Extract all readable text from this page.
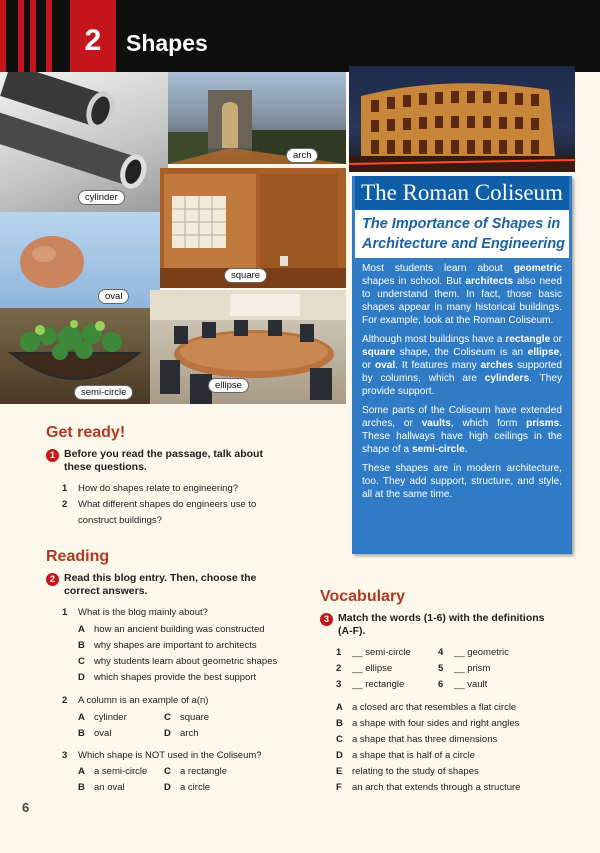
2	Shapes
cylinder
arch
oval
square
semi-circle
ellipse
The Roman Coliseum
The Importance of Shapes in Architecture and Engineering

Most students learn about geometric shapes in school. But architects also need to understand them. In fact, those basic shapes appear in many historical buildings. For example, look at the Roman Coliseum.

Although most buildings have a rectangle or square shape, the Coliseum is an ellipse, or oval. It features many arches supported by columns, which are cylinders. They provide support.

Some parts of the Coliseum have extended arches, or vaults, which form prisms. These hallways have high ceilings in the shape of a semi-circle.

These shapes are in modern architecture, too. They add support, structure, and style, all at the same time.

Get ready!
1 Before you read the passage, talk about these questions.
1 How do shapes relate to engineering?
2	What different shapes do engineers use to construct buildings?
Reading
2 Read this blog entry. Then, choose the correct answers.
1 What is the blog mainly about?
A how an ancient building was constructed
B why shapes are important to architects
C why students learn about geometric shapes
D which shapes provide the best support
2 A column is an example of a(n)
A cylinder	C square
B oval	D arch
3 Which shape is NOT used in the Coliseum?
A a semi-circle C a rectangle
B an oval	D a circle
Vocabulary
3 Match the words (1-6) with the definitions (A-F).
1 __ semi-circle	4 __ geometric
2 __ ellipse	5 __ prism
3 __ rectangle	6 __ vault
A a closed arc that resembles a flat circle
B a shape with four sides and right angles
C a shape that has three dimensions
D a shape that is half of a circle
E relating to the study of shapes
F an arch that extends through a structure
6
